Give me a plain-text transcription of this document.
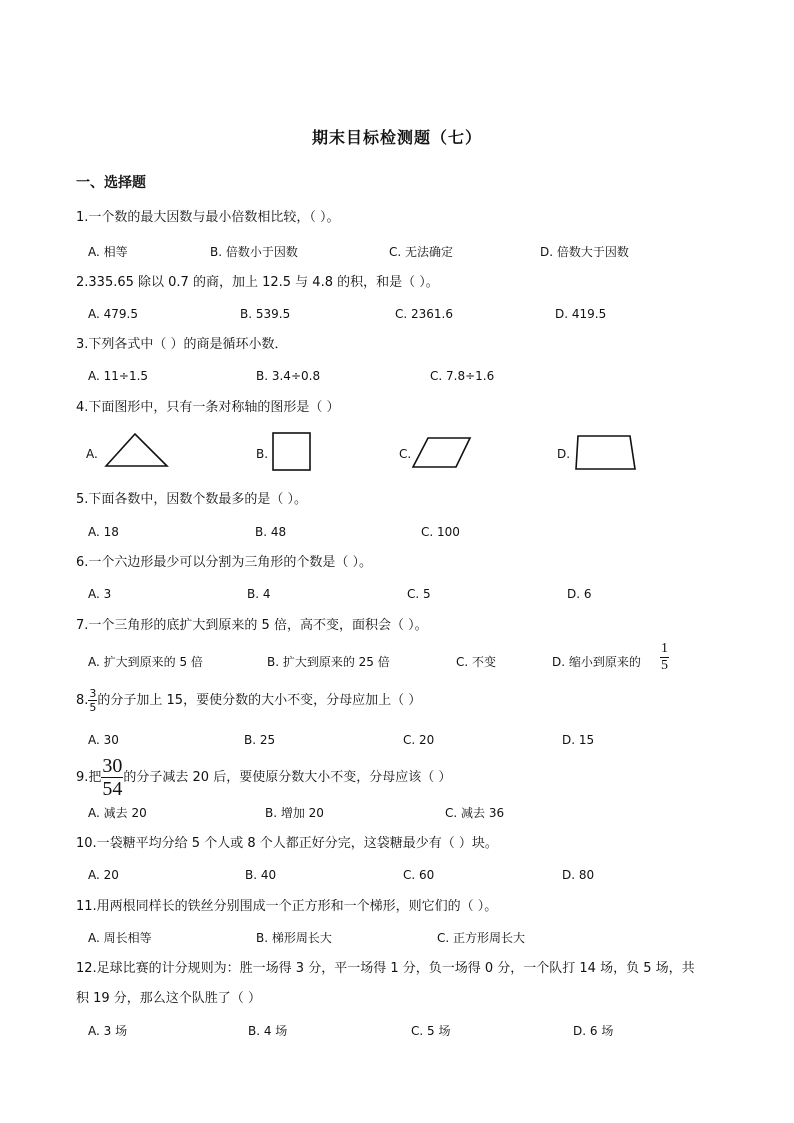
期末目标检测题（七）
一、选择题
1.一个数的最大因数与最小倍数相比较，（ ）。
A. 相等	B. 倍数小于因数	C. 无法确定	D. 倍数大于因数
2.335.65 除以 0.7 的商，加上 12.5 与 4.8 的积，和是（ ）。
A. 479.5	B. 539.5	C. 2361.6	D. 419.5
3.下列各式中（ ）的商是循环小数．
A. 11÷1.5	B. 3.4÷0.8	C. 7.8÷1.6
4.下面图形中，只有一条对称轴的图形是（ ）
A.	B.	C.	D.
5.下面各数中，因数个数最多的是（ ）。
A. 18	B. 48	C. 100
6.一个六边形最少可以分割为三角形的个数是（ ）。
A. 3	B. 4	C. 5	D. 6
7.一个三角形的底扩大到原来的 5 倍，高不变，面积会（ ）。
A. 扩大到原来的 5 倍	B. 扩大到原来的 25 倍	C. 不变	D. 缩小到原来的 $\frac{1}{5}$
8. $\frac{3}{5}$ 的分子加上 15，要使分数的大小不变，分母应加上（ ）
A. 30	B. 25	C. 20	D. 15
9.把 $\frac{30}{54}$ 的分子减去 20 后，要使原分数大小不变，分母应该（ ）
A. 减去 20	B. 增加 20	C. 减去 36
10.一袋糖平均分给 5 个人或 8 个人都正好分完，这袋糖最少有（ ）块。
A. 20	B. 40	C. 60	D. 80
11.用两根同样长的铁丝分别围成一个正方形和一个梯形，则它们的（ ）。
A. 周长相等	B. 梯形周长大	C. 正方形周长大
12.足球比赛的计分规则为：胜一场得 3 分，平一场得 1 分，负一场得 0 分，一个队打 14 场，负 5 场，共
积 19 分，那么这个队胜了（ ）
A. 3 场	B. 4 场	C. 5 场	D. 6 场
